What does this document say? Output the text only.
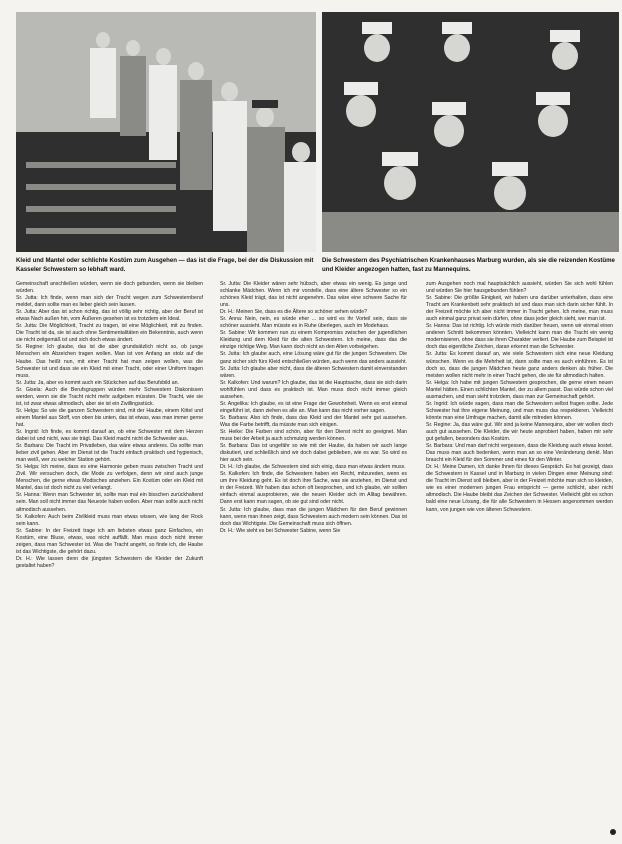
Kleid und Mantel oder schlichte Kostüm zum Ausgehen — das ist die Frage, bei der die Diskussion mit Kasseler Schwestern so lebhaft ward.
Die Schwestern des Psychiatrischen Krankenhauses Marburg wurden, als sie die reizenden Kostüme und Kleider angezogen hatten, fast zu Mannequins.

Gemeinschaft anschließen würden, wenn sie doch gebunden, wenn sie bleiben würden.

Sr. Jutta: Ich finde, wenn man sich der Tracht wegen zum Schwesternberuf meldet, dann sollte man es lieber gleich sein lassen.

Sr. Jutta: Aber das ist schon richtig, das ist völlig sehr richtig, aber der Beruf ist etwas Nach außen hin, vom Äußeren gesehen ist es trotzdem ein Ideal.

Sr. Jutta: Die Möglichkeit, Tracht zu tragen, ist eine Möglichkeit, mit zu finden. Die Tracht ist da, sie ist auch ohne Sentimentalitäten ein Bekenntnis, auch wenn sie nicht zeitgemäß ist und sich doch etwas ändert.

Sr. Regine: Ich glaube, das ist die aber grundsätzlich nicht so, ob junge Menschen ein Abzeichen tragen wollen. Man ist von Anfang an stolz auf die Haube. Das heißt nun, mit einer Tracht hat man zeigen wollen, was die Schwester ist und dass sie ein Kleid mit einer Tracht, oder einer Uniform tragen muss.

Sr. Jutta: Ja, aber es kommt auch ein Stückchen auf das Berufsbild an.

Sr. Gisela: Auch die Berufsgruppen würden mehr Schwestern Diakonissen werden, wenn sie die Tracht nicht mehr aufgeben müssten. Die Tracht, wie sie ist, ist zwar etwas altmodisch, aber sie ist ein Zwillingsstück.

Sr. Helga: So wie die ganzen Schwestern sind, mit der Haube, einem Kittel und einem Mantel aus Stoff, von oben bis unten, das ist etwas, was man immer gerne hat.

Sr. Ingrid: Ich finde, es kommt darauf an, ob eine Schwester mit dem Herzen dabei ist und nicht, was sie trägt. Das Kleid macht nicht die Schwester aus.

Sr. Barbara: Die Tracht im Privatleben, das wäre etwas anderes. Da sollte man lieber zivil gehen. Aber im Dienst ist die Tracht einfach praktisch und hygienisch, man weiß, wer zu welcher Station gehört.

Sr. Helga: Ich meine, dass es eine Harmonie geben muss zwischen Tracht und Zivil. Wir versuchen doch, die Mode zu verfolgen, denn wir sind auch junge Menschen, die gerne etwas Modisches anziehen. Ein Kostüm oder ein Kleid mit Mantel, das ist doch nicht zu viel verlangt.

Sr. Hanna: Wenn man Schwester ist, sollte man mal ein bisschen zurückhaltend sein. Man soll nicht immer das Neueste haben wollen. Aber man sollte auch nicht altmodisch aussehen.

Sr. Kalkofen: Auch beim Zivilkleid muss man etwas wissen, wie lang der Rock sein kann.

Sr. Sabine: In der Freizeit trage ich am liebsten etwas ganz Einfaches, ein Kostüm, eine Bluse, etwas, was nicht auffällt. Man muss doch nicht immer zeigen, dass man Schwester ist. Was die Tracht angeht, so finde ich, die Haube ist das Wichtigste, die gehört dazu.

Dr. H.: Wie lassen denn die jüngsten Schwestern die Kleider der Zukunft gestaltet haben?

Sr. Jutta: Die Kleider wären sehr hübsch, aber etwas ein wenig. Es junge und schlanke Mädchen. Wenn ich mir vorstelle, dass eine ältere Schwester so ein schönes Kleid trägt, das ist nicht angenehm. Das wäre eine schwere Sache für uns.

Dr. H.: Meinen Sie, dass es die Ältere so schöner sehen würde?

Sr. Anna: Nein, nein, es würde eher ... so wird es ihr Vorteil sein, dass sie schöner aussieht. Man müsste es in Ruhe überlegen, auch im Modehaus.

Sr. Sabine: Wir kommen nun zu einem Kompromiss zwischen der jugendlichen Kleidung und dem Kleid für die alten Schwestern. Ich meine, dass das die einzige richtige Weg. Man kann doch nicht an den Alten vorbeigehen.

Sr. Jutta: Ich glaube auch, eine Lösung wäre gut für die jungen Schwestern. Die ganz sicher sich fürs Kleid entschließen würden, auch wenn das anders aussieht.

Sr. Jutta: Ich glaube aber nicht, dass die älteren Schwestern damit einverstanden wären.

Sr. Kalkofen: Und warum? Ich glaube, das ist die Hauptsache, dass sie sich darin wohlfühlen und dass es praktisch ist. Man muss doch nicht immer gleich aussehen.

Sr. Angelika: Ich glaube, es ist eine Frage der Gewohnheit. Wenn es erst einmal eingeführt ist, dann ziehen es alle an. Man kann das nicht vorher sagen.

Sr. Barbara: Also ich finde, dass das Kleid und der Mantel sehr gut aussehen. Was die Farbe betrifft, da müsste man sich einigen.

Sr. Heike: Die Farben sind schön, aber für den Dienst nicht so geeignet. Man muss bei der Arbeit ja auch schmutzig werden können.

Sr. Barbara: Das ist ungefähr so wie mit der Haube, da haben wir auch lange diskutiert, und schließlich sind wir doch dabei geblieben, wie es war. So wird es hier auch sein.

Dr. H.: Ich glaube, die Schwestern sind sich einig, dass man etwas ändern muss.

Sr. Kalkofen: Ich finde, die Schwestern haben ein Recht, mitzureden, wenn es um ihre Kleidung geht. Es ist doch ihre Sache, was sie anziehen, im Dienst und in der Freizeit. Wir haben das schon oft besprochen, und ich glaube, wir sollten einfach einmal ausprobieren, wie die neuen Kleider sich im Alltag bewähren. Dann erst kann man sagen, ob sie gut sind oder nicht.

Sr. Jutta: Ich glaube, dass man die jungen Mädchen für den Beruf gewinnen kann, wenn man ihnen zeigt, dass Schwestern auch modern sein können. Das ist doch das Wichtigste. Die Gemeinschaft muss sich öffnen.

Dr. H.: Wie sieht es bei Schwester Sabine, wenn Sie

zum Ausgehen noch mal hauptsächlich aussieht, würden Sie sich wohl fühlen und würden Sie hier hausgebunden fühlen?

Sr. Sabine: Die größte Einigkeit, wir haben uns darüber unterhalten, dass eine Tracht am Krankenbett sehr praktisch ist und dass man sich darin sicher fühlt. In der Freizeit möchte ich aber nicht immer in Tracht gehen. Ich meine, man muss auch einmal ganz privat sein dürfen, ohne dass jeder gleich sieht, wer man ist.

Sr. Hanna: Das ist richtig. Ich würde mich darüber freuen, wenn wir einmal einen anderen Schnitt bekommen könnten. Vielleicht kann man die Tracht ein wenig modernisieren, ohne dass sie ihren Charakter verliert. Die Haube zum Beispiel ist doch das eigentliche Zeichen, daran erkennt man die Schwester.

Sr. Jutta: Es kommt darauf an, wie viele Schwestern sich eine neue Kleidung wünschen. Wenn es die Mehrheit ist, dann sollte man es auch einführen. Es ist doch so, dass die jungen Mädchen heute ganz anders denken als früher. Die meisten wollen nicht mehr in einer Tracht gehen, die sie für altmodisch halten.

Sr. Helga: Ich habe mit jungen Schwestern gesprochen, die gerne einen neuen Mantel hätten. Einen schlichten Mantel, der zu allem passt. Das würde schon viel ausmachen, und man sieht trotzdem, dass man zur Gemeinschaft gehört.

Sr. Ingrid: Ich würde sagen, dass man die Schwestern selbst fragen sollte. Jede Schwester hat ihre eigene Meinung, und man muss das respektieren. Vielleicht könnte man eine Umfrage machen, damit alle mitreden können.

Sr. Regine: Ja, das wäre gut. Wir sind ja keine Mannequins, aber wir wollen doch auch gut aussehen. Die Kleider, die wir heute anprobiert haben, haben mir sehr gut gefallen, besonders das Kostüm.

Sr. Barbara: Und man darf nicht vergessen, dass die Kleidung auch etwas kostet. Das muss man auch bedenken, wenn man an so eine Veränderung denkt. Man braucht ein Kleid für den Sommer und eines für den Winter.

Dr. H.: Meine Damen, ich danke Ihnen für dieses Gespräch. Es hat gezeigt, dass die Schwestern in Kassel und in Marburg in vielen Dingen einer Meinung sind: die Tracht im Dienst soll bleiben, aber in der Freizeit möchte man sich so kleiden, wie es einer modernen jungen Frau entspricht — gerne schlicht, aber nicht altmodisch. Die Haube bleibt das Zeichen der Schwester. Vielleicht gibt es schon bald eine neue Lösung, die für alle Schwestern in Hessen angenommen werden kann, von jungen wie von älteren Schwestern.
